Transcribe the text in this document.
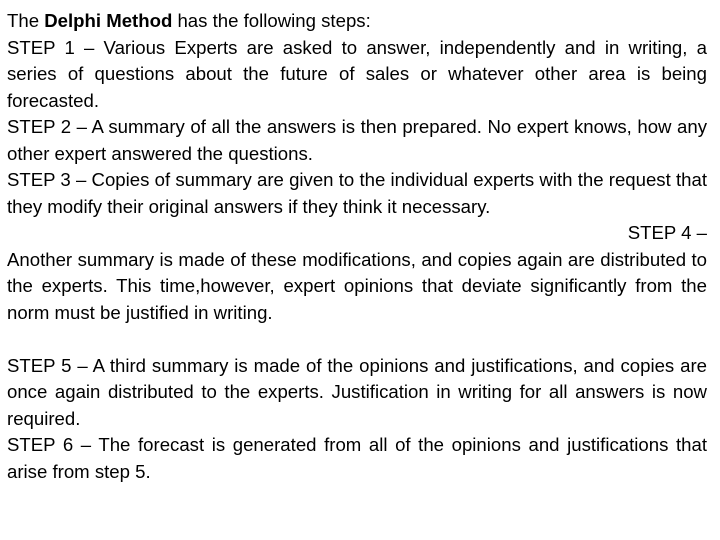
The Delphi Method has the following steps:

STEP 1 – Various Experts are asked to answer, independently and in writing, a series of questions about the future of sales or whatever other area is being forecasted.

STEP 2 – A summary of all the answers is then prepared. No expert knows, how any other expert answered the questions.

STEP 3 – Copies of summary are given to the individual experts with the request that they modify their original answers if they think it necessary.

STEP 4 –

Another summary is made of these modifications, and copies again are distributed to the experts. This time,however, expert opinions that deviate significantly from the norm must be justified in writing.

STEP 5 – A third summary is made of the opinions and justifications, and copies are once again distributed to the experts. Justification in writing for all answers is now required.

STEP 6 – The forecast is generated from all of the opinions and justifications that arise from step 5.
